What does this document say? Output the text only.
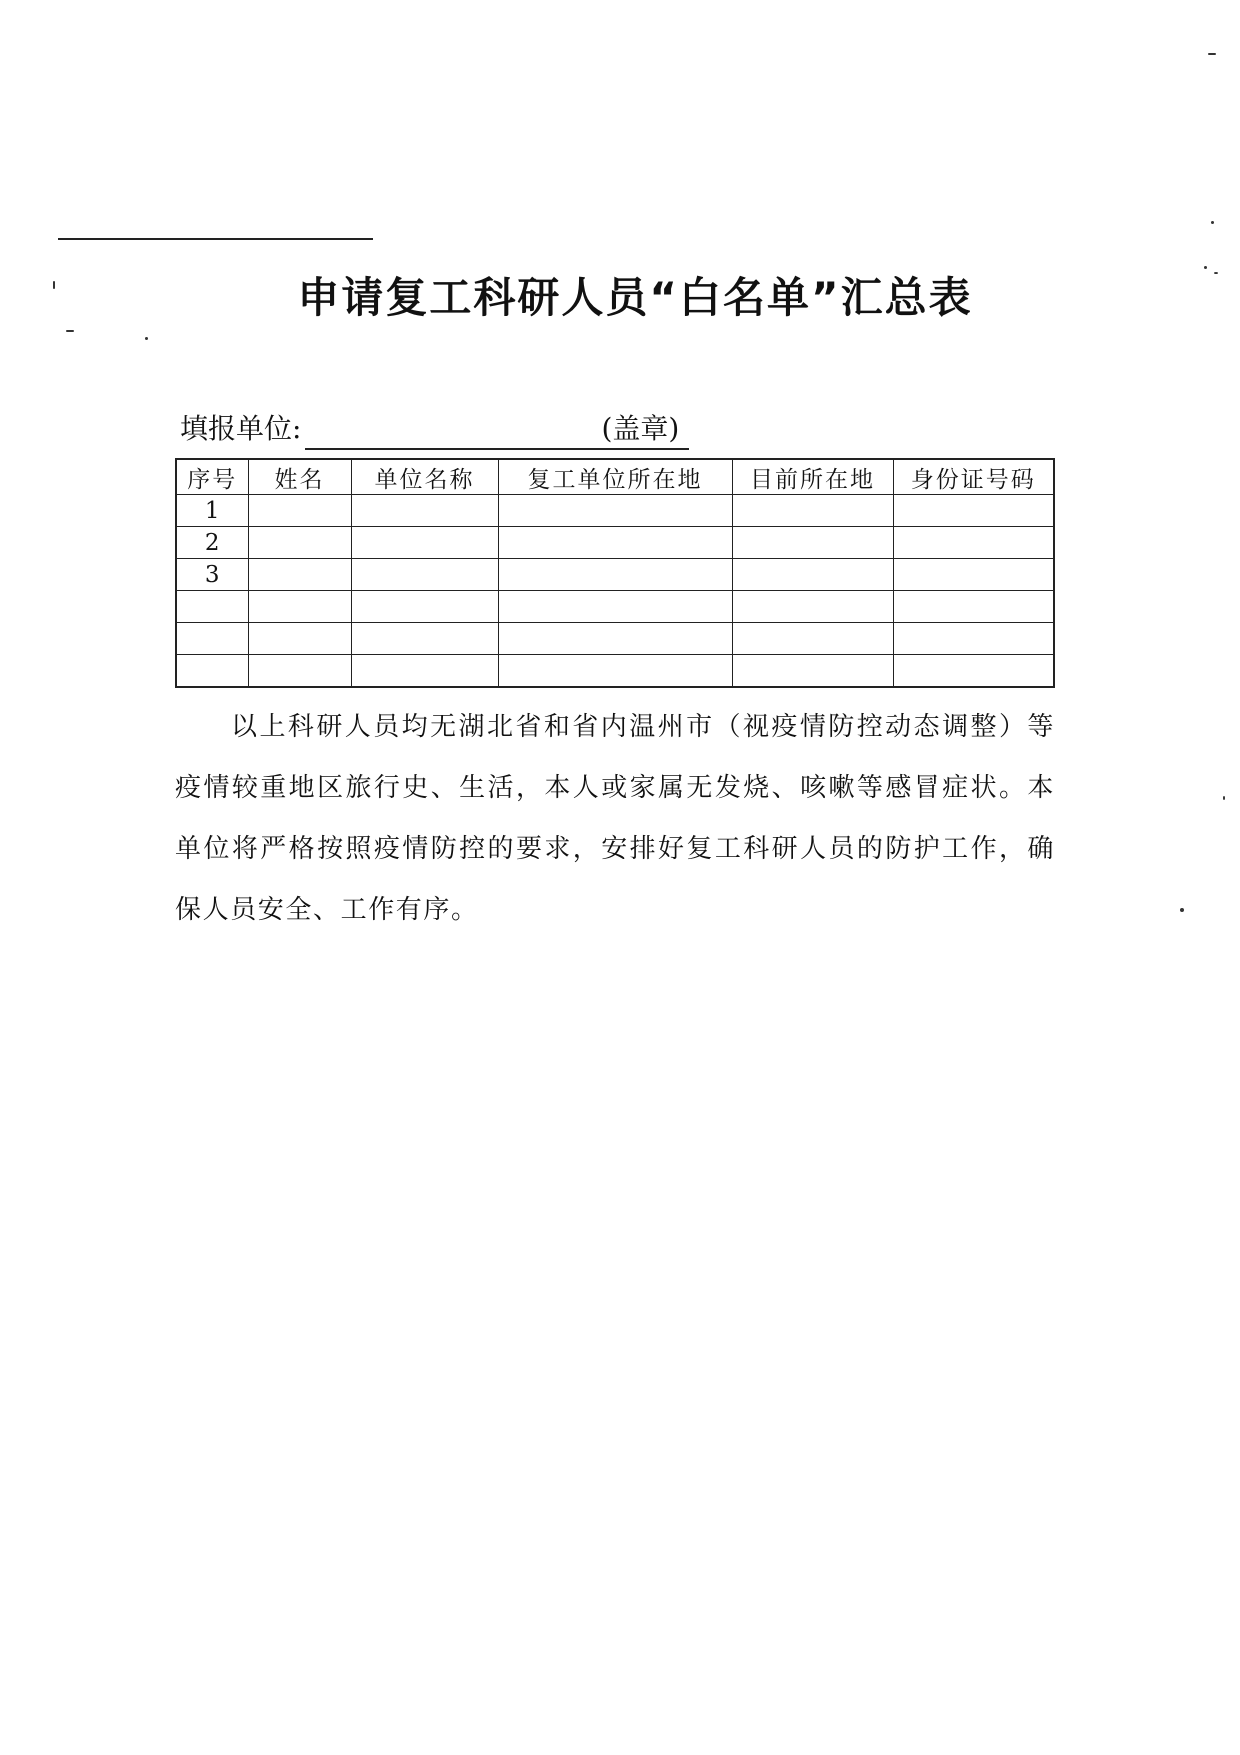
申请复工科研人员“白名单”汇总表
填报单位:	(盖章)
序号	姓名	单位名称	复工单位所在地	目前所在地	身份证号码
1					
2					
3					

以上科研人员均无湖北省和省内温州市（视疫情防控动态调整）等疫情较重地区旅行史、生活，本人或家属无发烧、咳嗽等感冒症状。本单位将严格按照疫情防控的要求，安排好复工科研人员的防护工作，确保人员安全、工作有序。
